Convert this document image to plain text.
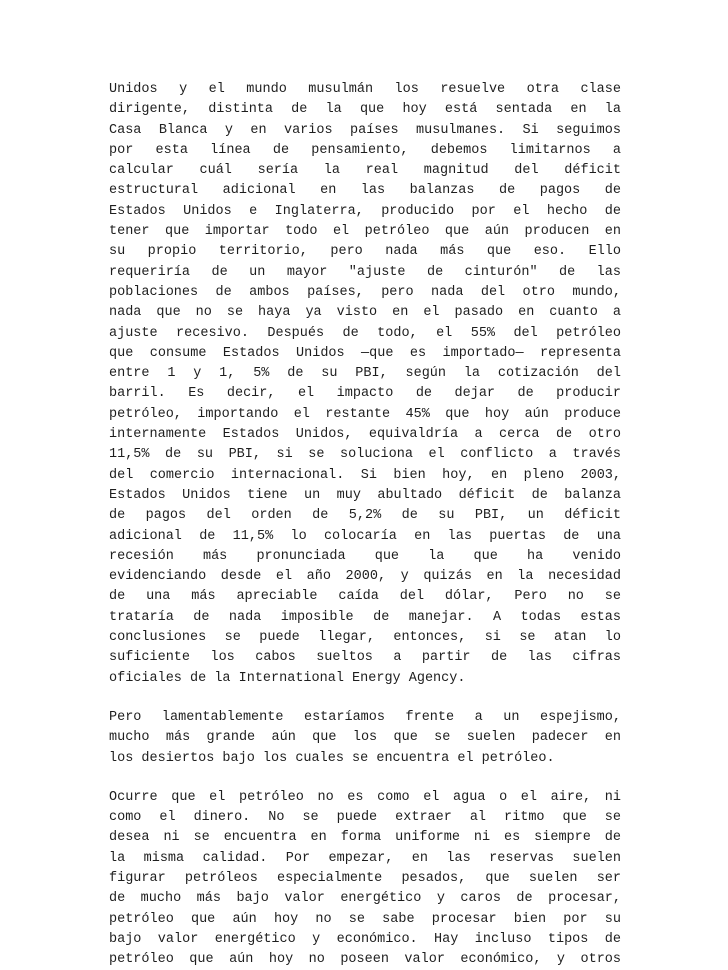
Unidos y el mundo musulmán los resuelve otra clase
dirigente, distinta de la que hoy está sentada en la
Casa Blanca y en varios países musulmanes. Si seguimos
por esta línea de pensamiento, debemos limitarnos a
calcular cuál sería la real magnitud del déficit
estructural adicional en las balanzas de pagos de
Estados Unidos e Inglaterra, producido por el hecho de
tener que importar todo el petróleo que aún producen en
su propio territorio, pero nada más que eso. Ello
requeriría de un mayor "ajuste de cinturón" de las
poblaciones de ambos países, pero nada del otro mundo,
nada que no se haya ya visto en el pasado en cuanto a
ajuste recesivo. Después de todo, el 55% del petróleo
que consume Estados Unidos —que es importado— representa
entre 1 y 1, 5% de su PBI, según la cotización del
barril. Es decir, el impacto de dejar de producir
petróleo, importando el restante 45% que hoy aún produce
internamente Estados Unidos, equivaldría a cerca de otro
11,5% de su PBI, si se soluciona el conflicto a través
del comercio internacional. Si bien hoy, en pleno 2003,
Estados Unidos tiene un muy abultado déficit de balanza
de pagos del orden de 5,2% de su PBI, un déficit
adicional de 11,5% lo colocaría en las puertas de una
recesión más pronunciada que la que ha venido
evidenciando desde el año 2000, y quizás en la necesidad
de una más apreciable caída del dólar, Pero no se
trataría de nada imposible de manejar. A todas estas
conclusiones se puede llegar, entonces, si se atan lo
suficiente los cabos sueltos a partir de las cifras
oficiales de la International Energy Agency.
Pero lamentablemente estaríamos frente a un espejismo,
mucho más grande aún que los que se suelen padecer en
los desiertos bajo los cuales se encuentra el petróleo.
Ocurre que el petróleo no es como el agua o el aire, ni
como el dinero. No se puede extraer al ritmo que se
desea ni se encuentra en forma uniforme ni es siempre de
la misma calidad. Por empezar, en las reservas suelen
figurar petróleos especialmente pesados, que suelen ser
de mucho más bajo valor energético y caros de procesar,
petróleo que aún hoy no se sabe procesar bien por su
bajo valor energético y económico. Hay incluso tipos de
petróleo que aún hoy no poseen valor económico, y otros
